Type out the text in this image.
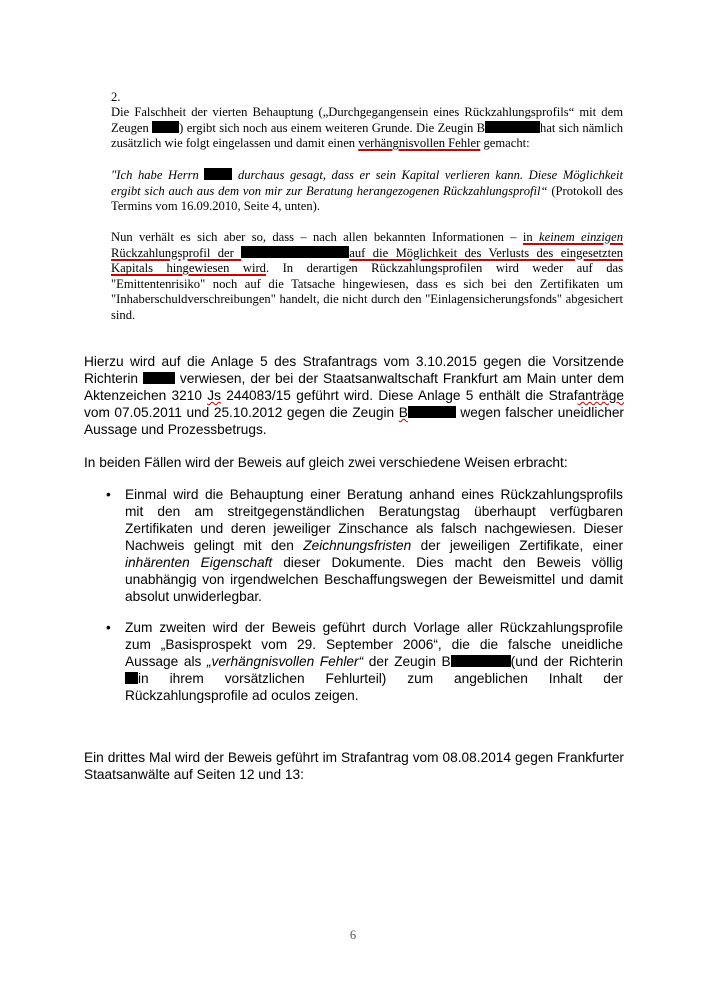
2.
Die Falschheit der vierten Behauptung („Durchgegangensein eines Rückzahlungsprofils“ mit dem Zeugen ) ergibt sich noch aus einem weiteren Grunde. Die Zeugin B	hat sich nämlich zusätzlich wie folgt eingelassen und damit einen verhängnisvollen Fehler gemacht:
"Ich habe Herrn  durchaus gesagt, dass er sein Kapital verlieren kann. Diese Möglichkeit ergibt sich auch aus dem von mir zur Beratung herangezogenen Rückzahlungsprofil“ (Protokoll des Termins vom 16.09.2010, Seite 4, unten).
Nun verhält es sich aber so, dass – nach allen bekannten Informationen – in keinem einzigen Rückzahlungsprofil der	auf die Möglichkeit des Verlusts des eingesetzten Kapitals hingewiesen wird. In derartigen Rückzahlungsprofilen wird weder auf das "Emittentenrisiko" noch auf die Tatsache hingewiesen, dass es sich bei den Zertifikaten um "Inhaberschuldverschreibungen" handelt, die nicht durch den "Einlagensicherungsfonds" abgesichert sind.
Hierzu wird auf die Anlage 5 des Strafantrags vom 3.10.2015 gegen die Vorsitzende Richterin  verwiesen, der bei der Staatsanwaltschaft Frankfurt am Main unter dem Aktenzeichen 3210 Js 244083/15 geführt wird. Diese Anlage 5 enthält die Strafanträge vom 07.05.2011 und 25.10.2012 gegen die Zeugin B	wegen falscher uneidlicher Aussage und Prozessbetrugs.
In beiden Fällen wird der Beweis auf gleich zwei verschiedene Weisen erbracht:
• Einmal wird die Behauptung einer Beratung anhand eines Rückzahlungsprofils mit den am streitgegenständlichen Beratungstag überhaupt verfügbaren Zertifikaten und deren jeweiliger Zinschance als falsch nachgewiesen. Dieser Nachweis gelingt mit den Zeichnungsfristen der jeweiligen Zertifikate, einer inhärenten Eigenschaft dieser Dokumente. Dies macht den Beweis völlig unabhängig von irgendwelchen Beschaffungswegen der Beweismittel und damit absolut unwiderlegbar.
• Zum zweiten wird der Beweis geführt durch Vorlage aller Rückzahlungsprofile zum „Basisprospekt vom 29. September 2006“, die die falsche uneidliche Aussage als „verhängnisvollen Fehler“ der Zeugin B	(und der Richterin in ihrem vorsätzlichen Fehlurteil) zum angeblichen Inhalt der Rückzahlungsprofile ad oculos zeigen.
Ein drittes Mal wird der Beweis geführt im Strafantrag vom 08.08.2014 gegen Frankfurter Staatsanwälte auf Seiten 12 und 13:
6
